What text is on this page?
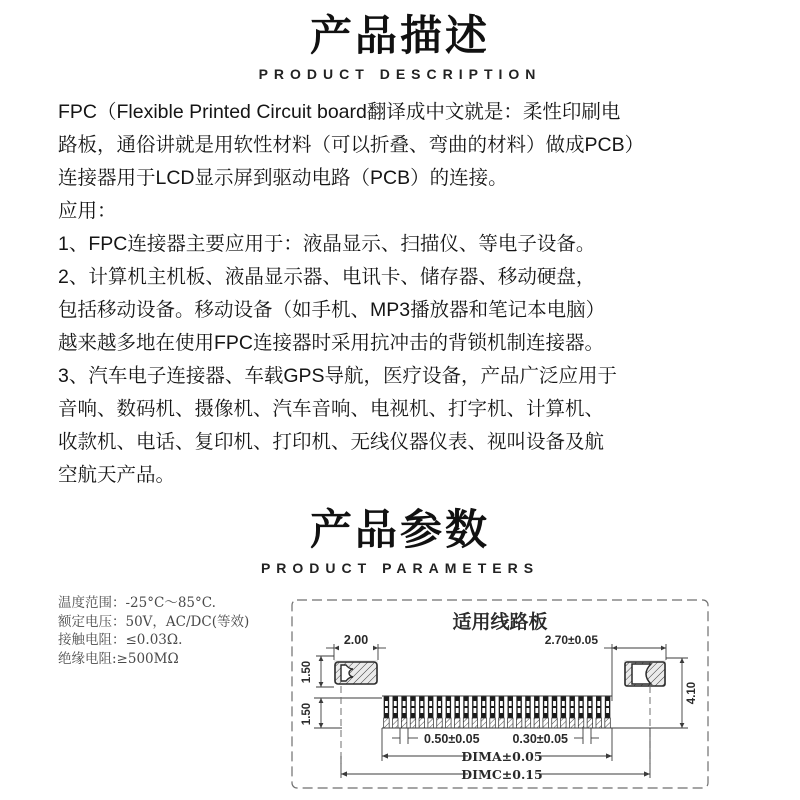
产品描述
PRODUCT DESCRIPTION
FPC（Flexible Printed Circuit board翻译成中文就是：柔性印刷电
路板，通俗讲就是用软性材料（可以折叠、弯曲的材料）做成PCB）
连接器用于LCD显示屏到驱动电路（PCB）的连接。
应用：
1、FPC连接器主要应用于：液晶显示、扫描仪、等电子设备。
2、计算机主机板、液晶显示器、电讯卡、储存器、移动硬盘，
包括移动设备。移动设备（如手机、MP3播放器和笔记本电脑）
越来越多地在使用FPC连接器时采用抗冲击的背锁机制连接器。
3、汽车电子连接器、车载GPS导航，医疗设备，产品广泛应用于
音响、数码机、摄像机、汽车音响、电视机、打字机、计算机、
收款机、电话、复印机、打印机、无线仪器仪表、视叫设备及航
空航天产品。
产品参数
PRODUCT PARAMETERS
温度范围：-25°C～85°C.
额定电压：50V，AC/DC(等效)
接触电阻：≤0.03Ω.
绝缘电阻:≥500MΩ
适用线路板
1.50
2.00
4.10
2.70±0.05
1.50
0.50±0.05	0.30±0.05
DIMA±0.05
DIMC±0.15
